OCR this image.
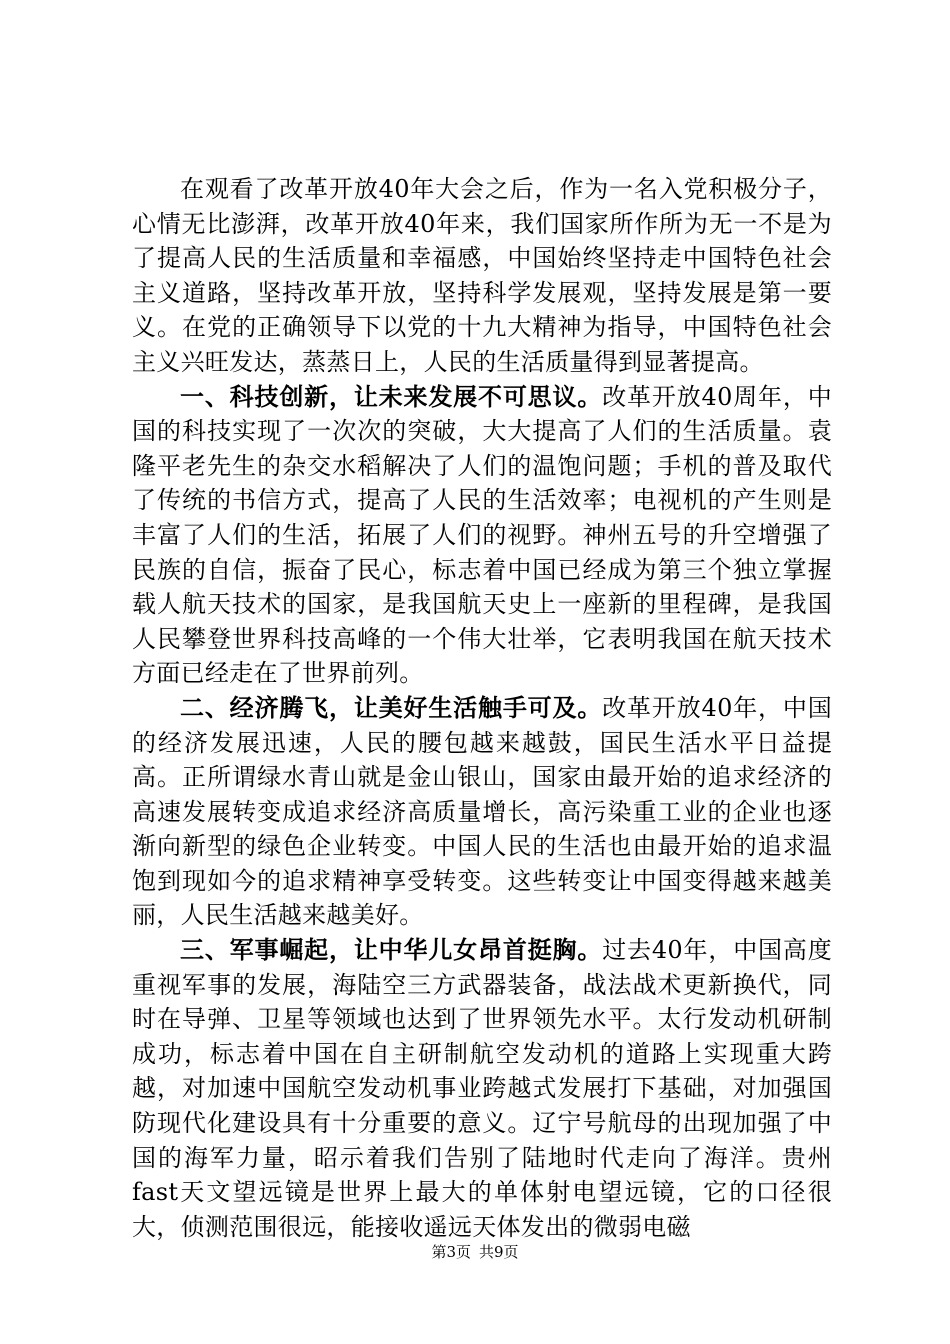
在观看了改革开放40年大会之后，作为一名入党积极分子，心情无比澎湃，改革开放40年来，我们国家所作所为无一不是为了提高人民的生活质量和幸福感，中国始终坚持走中国特色社会主义道路，坚持改革开放，坚持科学发展观，坚持发展是第一要义。在党的正确领导下以党的十九大精神为指导，中国特色社会主义兴旺发达，蒸蒸日上，人民的生活质量得到显著提高。

一、科技创新，让未来发展不可思议。改革开放40周年，中国的科技实现了一次次的突破，大大提高了人们的生活质量。袁隆平老先生的杂交水稻解决了人们的温饱问题；手机的普及取代了传统的书信方式，提高了人民的生活效率；电视机的产生则是丰富了人们的生活，拓展了人们的视野。神州五号的升空增强了民族的自信，振奋了民心，标志着中国已经成为第三个独立掌握载人航天技术的国家，是我国航天史上一座新的里程碑，是我国人民攀登世界科技高峰的一个伟大壮举，它表明我国在航天技术方面已经走在了世界前列。

二、经济腾飞，让美好生活触手可及。改革开放40年，中国的经济发展迅速，人民的腰包越来越鼓，国民生活水平日益提高。正所谓绿水青山就是金山银山，国家由最开始的追求经济的高速发展转变成追求经济高质量增长，高污染重工业的企业也逐渐向新型的绿色企业转变。中国人民的生活也由最开始的追求温饱到现如今的追求精神享受转变。这些转变让中国变得越来越美丽，人民生活越来越美好。

三、军事崛起，让中华儿女昂首挺胸。过去40年，中国高度重视军事的发展，海陆空三方武器装备，战法战术更新换代，同时在导弹、卫星等领域也达到了世界领先水平。太行发动机研制成功，标志着中国在自主研制航空发动机的道路上实现重大跨越，对加速中国航空发动机事业跨越式发展打下基础，对加强国防现代化建设具有十分重要的意义。辽宁号航母的出现加强了中国的海军力量，昭示着我们告别了陆地时代走向了海洋。贵州fast天文望远镜是世界上最大的单体射电望远镜，它的口径很大，侦测范围很远，能接收遥远天体发出的微弱电磁

第3页 共9页
